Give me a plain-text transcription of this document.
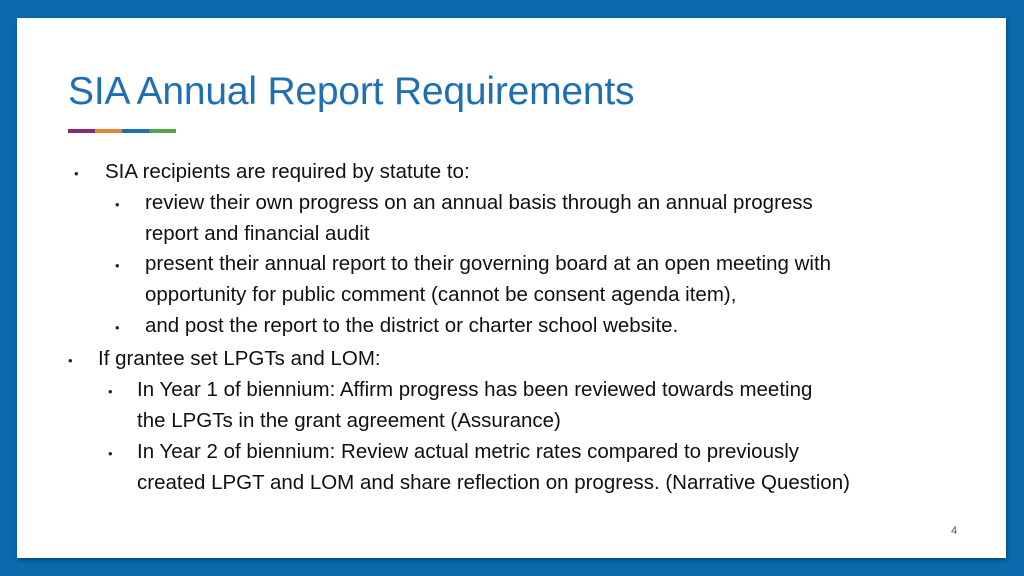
SIA Annual Report Requirements
• SIA recipients are required by statute to:
• review their own progress on an annual basis through an annual progress
report and financial audit
• present their annual report to their governing board at an open meeting with
opportunity for public comment (cannot be consent agenda item),
• and post the report to the district or charter school website.
• If grantee set LPGTs and LOM:
• In Year 1 of biennium: Affirm progress has been reviewed towards meeting
the LPGTs in the grant agreement (Assurance)
• In Year 2 of biennium: Review actual metric rates compared to previously
created LPGT and LOM and share reflection on progress. (Narrative Question)
4
